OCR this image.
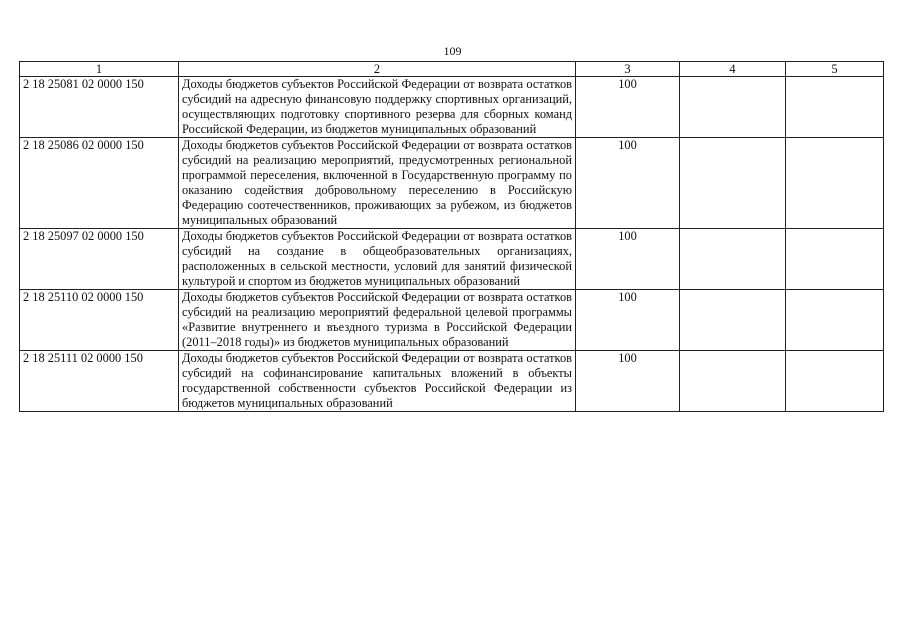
109
1	2	3	4	5
2 18 25081 02 0000 150	Доходы бюджетов субъектов Российской Федерации от возврата остатков субсидий на адресную финансовую поддержку спортивных организаций, осуществляющих подготовку спортивного резерва для сборных команд Российской Федерации, из бюджетов муниципальных образований	100		
2 18 25086 02 0000 150	Доходы бюджетов субъектов Российской Федерации от возврата остатков субсидий на реализацию мероприятий, предусмотренных региональной программой переселения, включенной в Государственную программу по оказанию содействия добровольному переселению в Российскую Федерацию соотечественников, проживающих за рубежом, из бюджетов муниципальных образований	100		
2 18 25097 02 0000 150	Доходы бюджетов субъектов Российской Федерации от возврата остатков субсидий на создание в общеобразовательных организациях, расположенных в сельской местности, условий для занятий физической культурой и спортом из бюджетов муниципальных образований	100		
2 18 25110 02 0000 150	Доходы бюджетов субъектов Российской Федерации от возврата остатков субсидий на реализацию мероприятий федеральной целевой программы «Развитие внутреннего и въездного туризма в Российской Федерации (2011–2018 годы)» из бюджетов муниципальных образований	100		
2 18 25111 02 0000 150	Доходы бюджетов субъектов Российской Федерации от возврата остатков субсидий на софинансирование капитальных вложений в объекты государственной собственности субъектов Российской Федерации из бюджетов муниципальных образований	100		
